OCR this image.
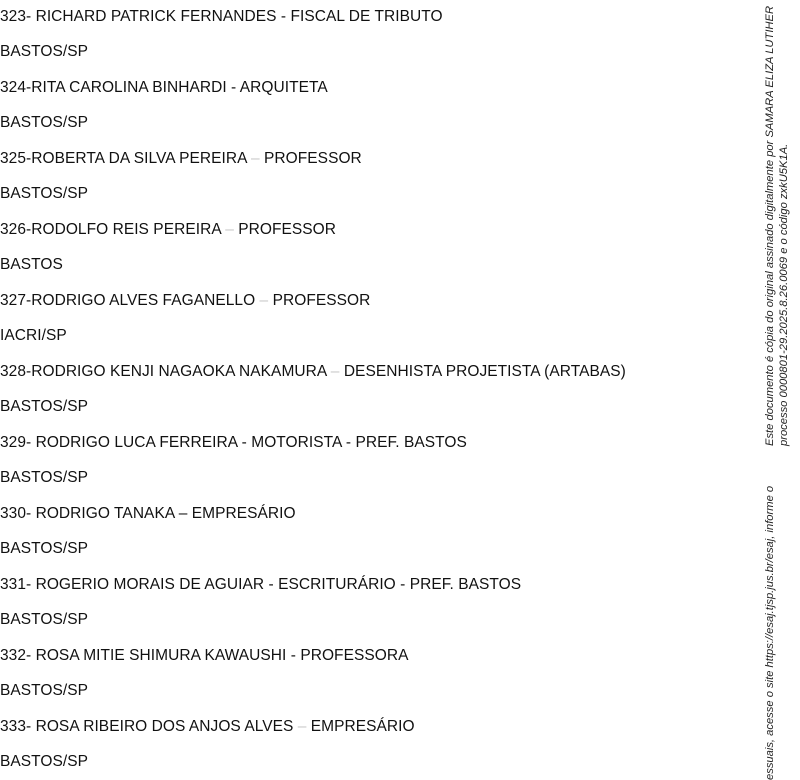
323- RICHARD PATRICK FERNANDES - FISCAL DE TRIBUTO
BASTOS/SP
324-RITA CAROLINA BINHARDI - ARQUITETA
BASTOS/SP
325-ROBERTA DA SILVA PEREIRA – PROFESSOR
BASTOS/SP
326-RODOLFO REIS PEREIRA – PROFESSOR
BASTOS
327-RODRIGO ALVES FAGANELLO – PROFESSOR
IACRI/SP
328-RODRIGO KENJI NAGAOKA NAKAMURA – DESENHISTA PROJETISTA (ARTABAS)
BASTOS/SP
329- RODRIGO LUCA FERREIRA - MOTORISTA - PREF. BASTOS
BASTOS/SP
330- RODRIGO TANAKA – EMPRESÁRIO
BASTOS/SP
331- ROGERIO MORAIS DE AGUIAR - ESCRITURÁRIO - PREF. BASTOS
BASTOS/SP
332- ROSA MITIE SHIMURA KAWAUSHI - PROFESSORA
BASTOS/SP
333- ROSA RIBEIRO DOS ANJOS ALVES – EMPRESÁRIO
BASTOS/SP
Este documento é cópia do original assinado digitalmente por SAMARA ELIZA LUTIHER processo 0000801-29.2025.8.26.0069 e o código zxkU5K1A.
essuais, acesse o site https://esaj.tjsp.jus.br/esaj, informe o
